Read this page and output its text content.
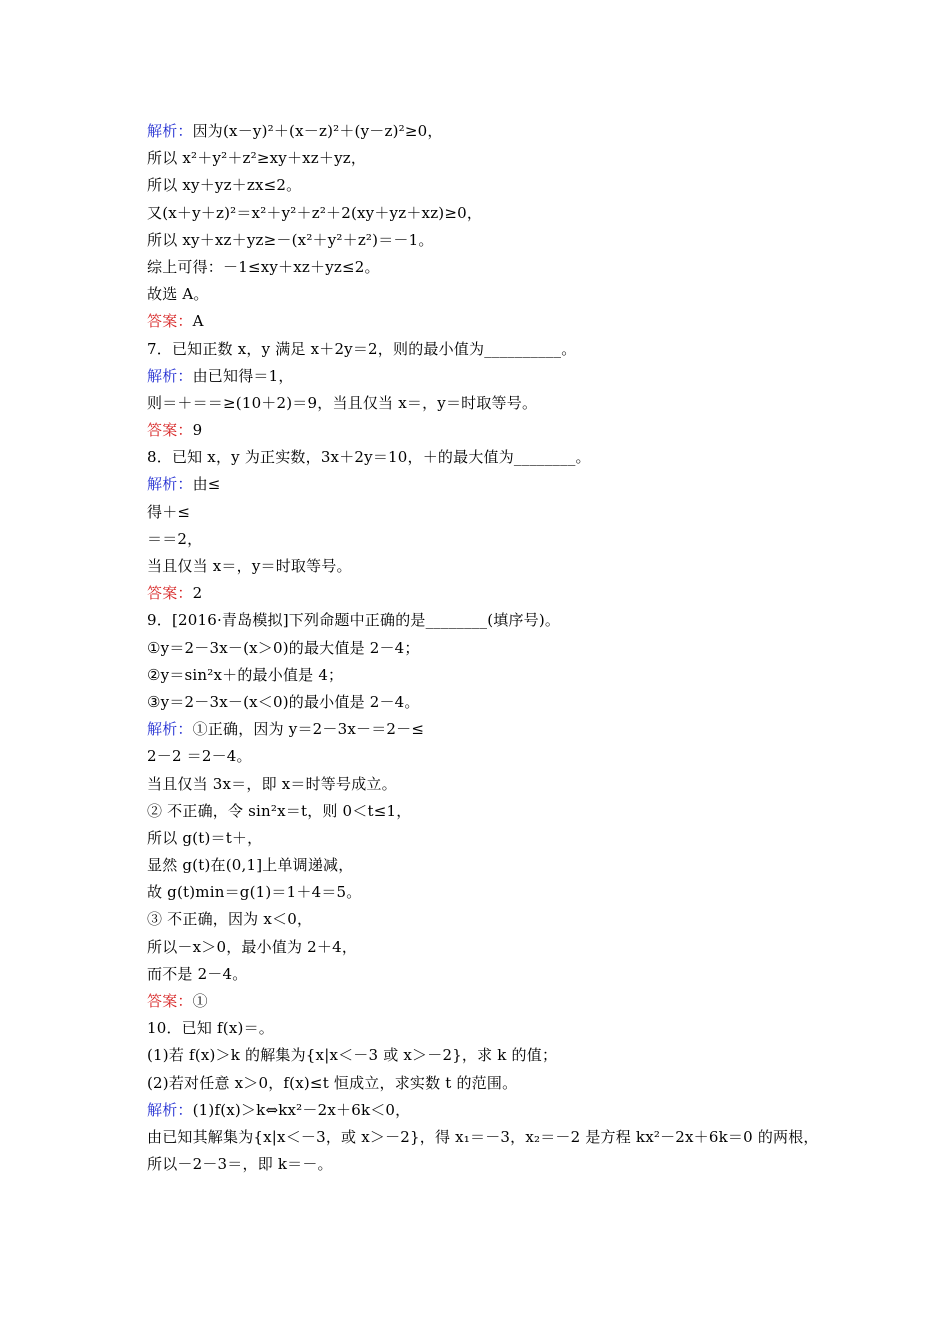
解析：因为(x－y)²＋(x－z)²＋(y－z)²≥0，
所以 x²＋y²＋z²≥xy＋xz＋yz，
所以 xy＋yz＋zx≤2。
又(x＋y＋z)²＝x²＋y²＋z²＋2(xy＋yz＋xz)≥0，
所以 xy＋xz＋yz≥－(x²＋y²＋z²)＝－1。
综上可得：－1≤xy＋xz＋yz≤2。
故选 A。
答案：A
7．已知正数 x，y 满足 x＋2y＝2，则的最小值为__________。
解析：由已知得＝1，
则＝＋＝＝≥(10＋2)＝9，当且仅当 x＝，y＝时取等号。
答案：9
8．已知 x，y 为正实数，3x＋2y＝10，＋的最大值为________。
解析：由≤
得＋≤
＝＝2，
当且仅当 x＝，y＝时取等号。
答案：2
9．[2016·青岛模拟]下列命题中正确的是________(填序号)。
①y＝2－3x－(x＞0)的最大值是 2－4；
②y＝sin²x＋的最小值是 4；
③y＝2－3x－(x＜0)的最小值是 2－4。
解析：①正确，因为 y＝2－3x－＝2－≤
2－2 ＝2－4。
当且仅当 3x＝，即 x＝时等号成立。
② 不正确，令 sin²x＝t，则 0＜t≤1，
所以 g(t)＝t＋，
显然 g(t)在(0,1]上单调递减，
故 g(t)min＝g(1)＝1＋4＝5。
③ 不正确，因为 x＜0，
所以－x＞0，最小值为 2＋4，
而不是 2－4。
答案：①
10．已知 f(x)＝。
(1)若 f(x)＞k 的解集为{x|x＜－3 或 x＞－2}，求 k 的值；
(2)若对任意 x＞0，f(x)≤t 恒成立，求实数 t 的范围。
解析：(1)f(x)＞k⇔kx²－2x＋6k＜0，
由已知其解集为{x|x＜－3，或 x＞－2}，得 x₁＝－3，x₂＝－2 是方程 kx²－2x＋6k＝0 的两根，
所以－2－3＝，即 k＝－。
